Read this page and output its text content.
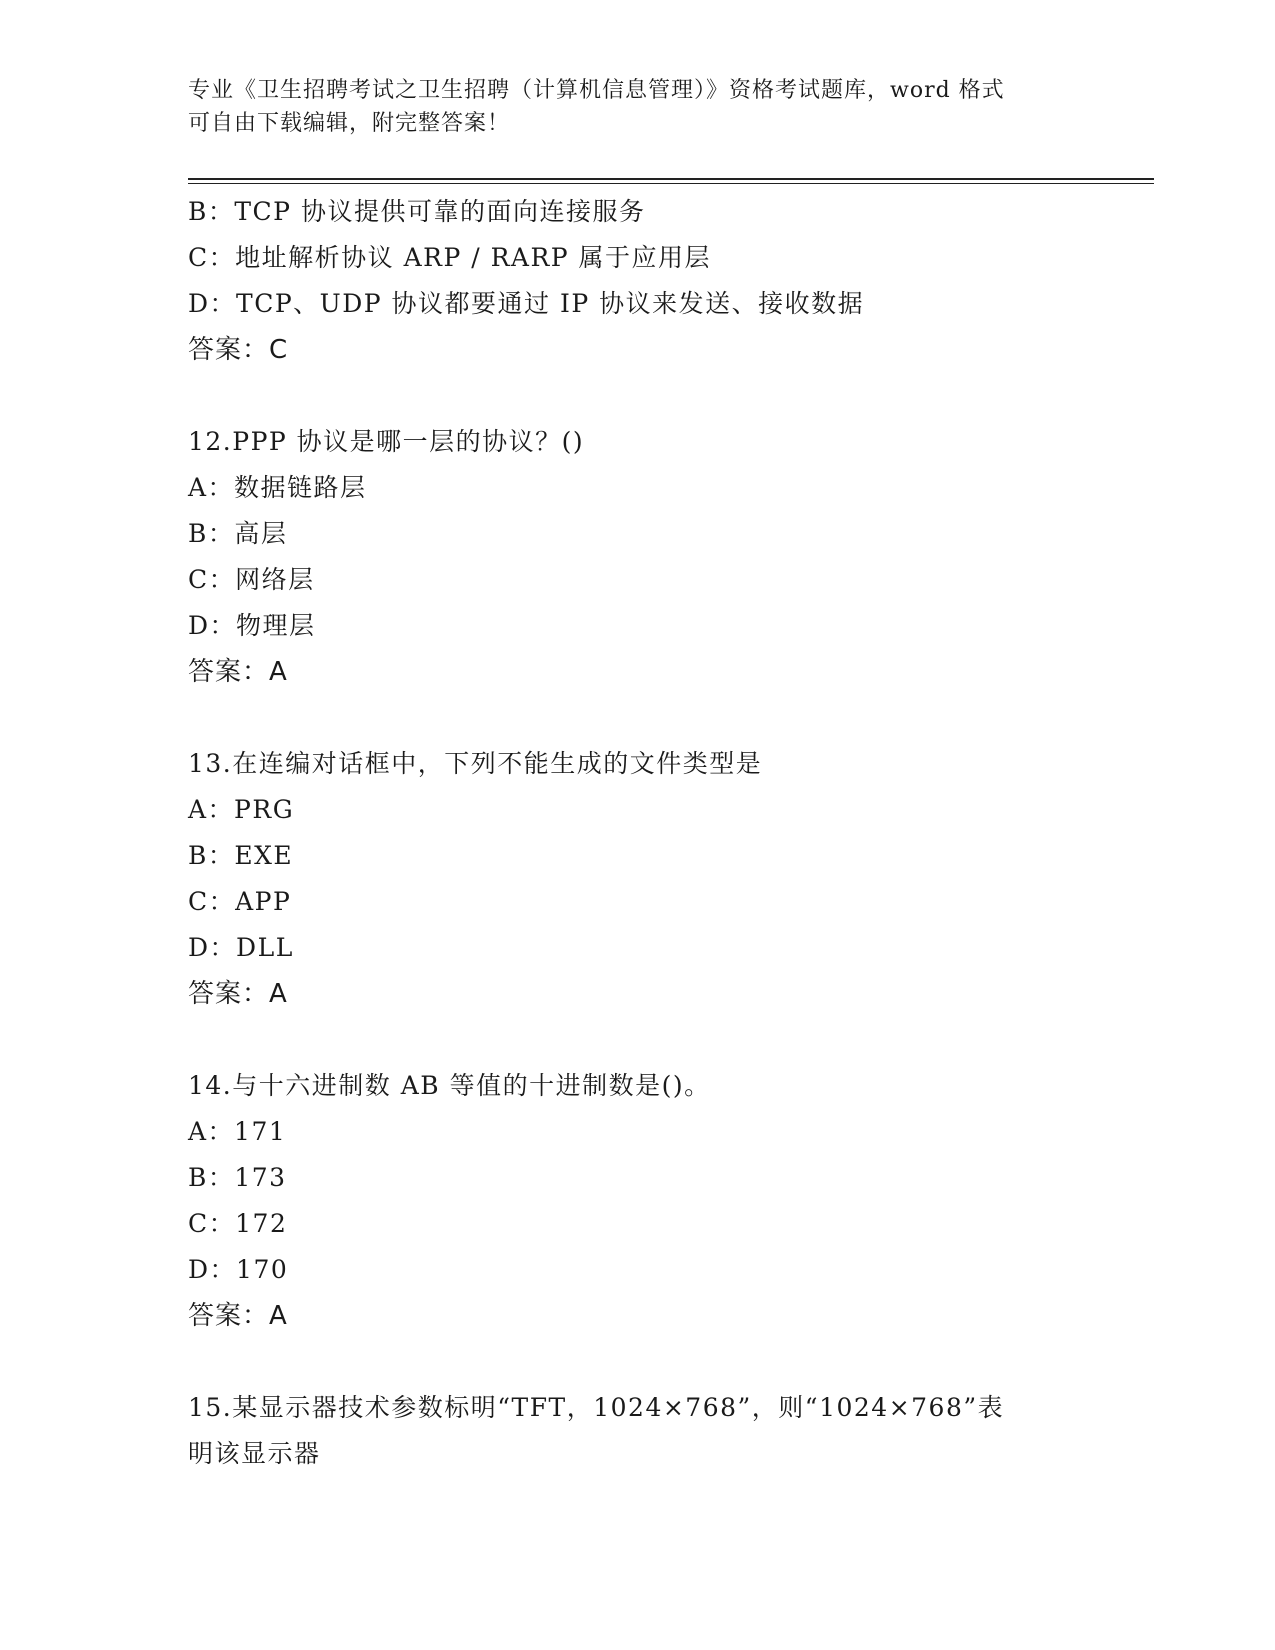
专业《卫生招聘考试之卫生招聘（计算机信息管理）》资格考试题库，word 格式
可自由下载编辑，附完整答案！
B：TCP 协议提供可靠的面向连接服务
C：地址解析协议 ARP / RARP 属于应用层
D：TCP、UDP 协议都要通过 IP 协议来发送、接收数据
答案：C
12.PPP 协议是哪一层的协议？()
A：数据链路层
B：高层
C：网络层
D：物理层
答案：A
13.在连编对话框中，下列不能生成的文件类型是
A：PRG
B：EXE
C：APP
D：DLL
答案：A
14.与十六进制数 AB 等值的十进制数是()。
A：171
B：173
C：172
D：170
答案：A
15.某显示器技术参数标明“TFT，1024×768”，则“1024×768”表
明该显示器
